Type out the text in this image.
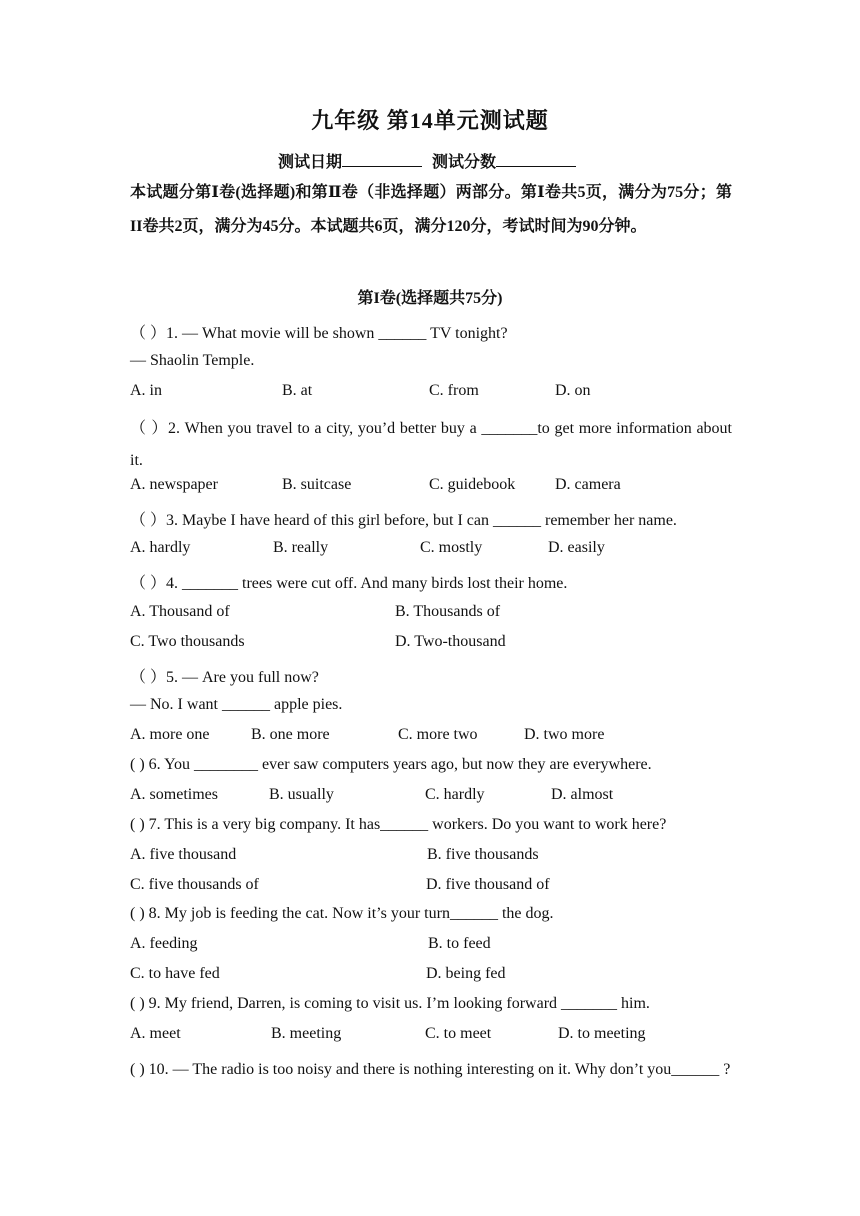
九年级 第14单元测试题
测试日期	测试分数
本试题分第Ⅰ卷(选择题)和第Ⅱ卷（非选择题）两部分。第Ⅰ卷共5页，满分为75分；第II卷共2页，满分为45分。本试题共6页，满分120分，考试时间为90分钟。
第I卷(选择题共75分)
（ ）1. ― What movie will be shown ______ TV tonight?
― Shaolin Temple.
A. in	B. at	C. from	D. on
（ ）2. When you travel to a city, you’d better buy a _______to get more information about it.
A. newspaper	B. suitcase	C. guidebook D. camera
（ ）3. Maybe I have heard of this girl before, but I can ______ remember her name.
A. hardly	B. really	C. mostly	D. easily
（ ）4. _______ trees were cut off. And many birds lost their home.
A. Thousand of	B. Thousands of
C. Two thousands	D. Two-thousand
（ ）5. ― Are you full now?
― No. I want ______ apple pies.
A. more one	B. one more	C. more two	D. two more
( ) 6. You ________ ever saw computers years ago, but now they are everywhere.
A. sometimes	B. usually	C. hardly	D. almost
( ) 7. This is a very big company. It has______ workers. Do you want to work here?
A. five thousand	B. five thousands
C. five thousands of	D. five thousand of
( ) 8. My job is feeding the cat. Now it’s your turn______ the dog.
A. feeding	B. to feed
C. to have fed	D. being fed
( ) 9. My friend, Darren, is coming to visit us. I’m looking forward _______ him.
A. meet	B. meeting	C. to meet	D. to meeting
( ) 10. — The radio is too noisy and there is nothing interesting on it. Why don’t you______ ?
